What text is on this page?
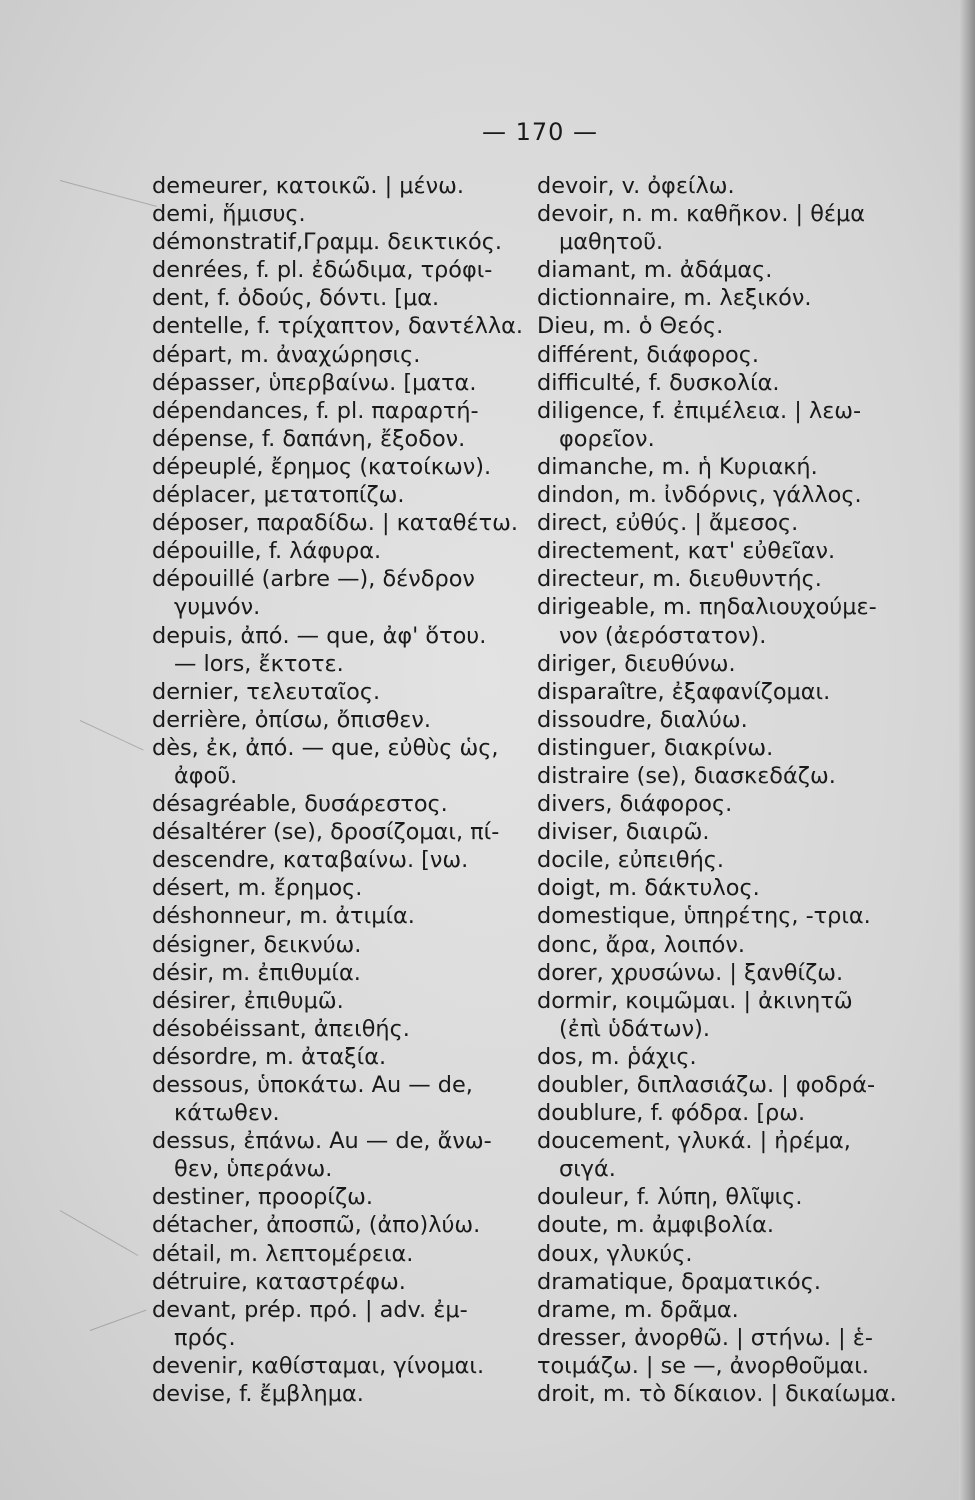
— 170 —
demeurer, κατοικῶ. | μένω.
demi, ἥμισυς.
démonstratif,Γραμμ. δεικτικός.
denrées, f. pl. ἐδώδιμα, τρόφι-
dent, f. ὀδούς, δόντι. [μα.
dentelle, f. τρίχαπτον, δαντέλλα.
départ, m. ἀναχώρησις.
dépasser, ὑπερβαίνω. [ματα.
dépendances, f. pl. παραρτή-
dépense, f. δαπάνη, ἔξοδον.
dépeuplé, ἔρημος (κατοίκων).
déplacer, μετατοπίζω.
déposer, παραδίδω. | καταθέτω.
dépouille, f. λάφυρα.
dépouillé (arbre —), δένδρον
γυμνόν.
depuis, ἀπό. — que, ἀφ' ὅτου.
— lors, ἔκτοτε.
dernier, τελευταῖος.
derrière, ὀπίσω, ὄπισθεν.
dès, ἐκ, ἀπό. — que, εὐθὺς ὡς,
ἀφοῦ.
désagréable, δυσάρεστος.
désaltérer (se), δροσίζομαι, πί-
descendre, καταβαίνω. [νω.
désert, m. ἔρημος.
déshonneur, m. ἀτιμία.
désigner, δεικνύω.
désir, m. ἐπιθυμία.
désirer, ἐπιθυμῶ.
désobéissant, ἀπειθής.
désordre, m. ἀταξία.
dessous, ὑποκάτω. Au — de,
κάτωθεν.
dessus, ἐπάνω. Au — de, ἄνω-
θεν, ὑπεράνω.
destiner, προορίζω.
détacher, ἀποσπῶ, (ἀπο)λύω.
détail, m. λεπτομέρεια.
détruire, καταστρέφω.
devant, prép. πρό. | adv. ἐμ-
πρός.
devenir, καθίσταμαι, γίνομαι.
devise, f. ἔμβλημα.
devoir, v. ὀφείλω.
devoir, n. m. καθῆκον. | θέμα
μαθητοῦ.
diamant, m. ἀδάμας.
dictionnaire, m. λεξικόν.
Dieu, m. ὁ Θεός.
différent, διάφορος.
difficulté, f. δυσκολία.
diligence, f. ἐπιμέλεια. | λεω-
φορεῖον.
dimanche, m. ἡ Κυριακή.
dindon, m. ἰνδόρνις, γάλλος.
direct, εὐθύς. | ἄμεσος.
directement, κατ' εὐθεῖαν.
directeur, m. διευθυντής.
dirigeable, m. πηδαλιουχούμε-
νον (ἀερόστατον).
diriger, διευθύνω.
disparaître, ἐξαφανίζομαι.
dissoudre, διαλύω.
distinguer, διακρίνω.
distraire (se), διασκεδάζω.
divers, διάφορος.
diviser, διαιρῶ.
docile, εὐπειθής.
doigt, m. δάκτυλος.
domestique, ὑπηρέτης, -τρια.
donc, ἄρα, λοιπόν.
dorer, χρυσώνω. | ξανθίζω.
dormir, κοιμῶμαι. | ἀκινητῶ
(ἐπὶ ὑδάτων).
dos, m. ῥάχις.
doubler, διπλασιάζω. | φοδρά-
doublure, f. φόδρα. [ρω.
doucement, γλυκά. | ἠρέμα,
σιγά.
douleur, f. λύπη, θλῖψις.
doute, m. ἀμφιβολία.
doux, γλυκύς.
dramatique, δραματικός.
drame, m. δρᾶμα.
dresser, ἀνορθῶ. | στήνω. | ἑ-
τοιμάζω. | se —, ἀνορθοῦμαι.
droit, m. τὸ δίκαιον. | δικαίωμα.
